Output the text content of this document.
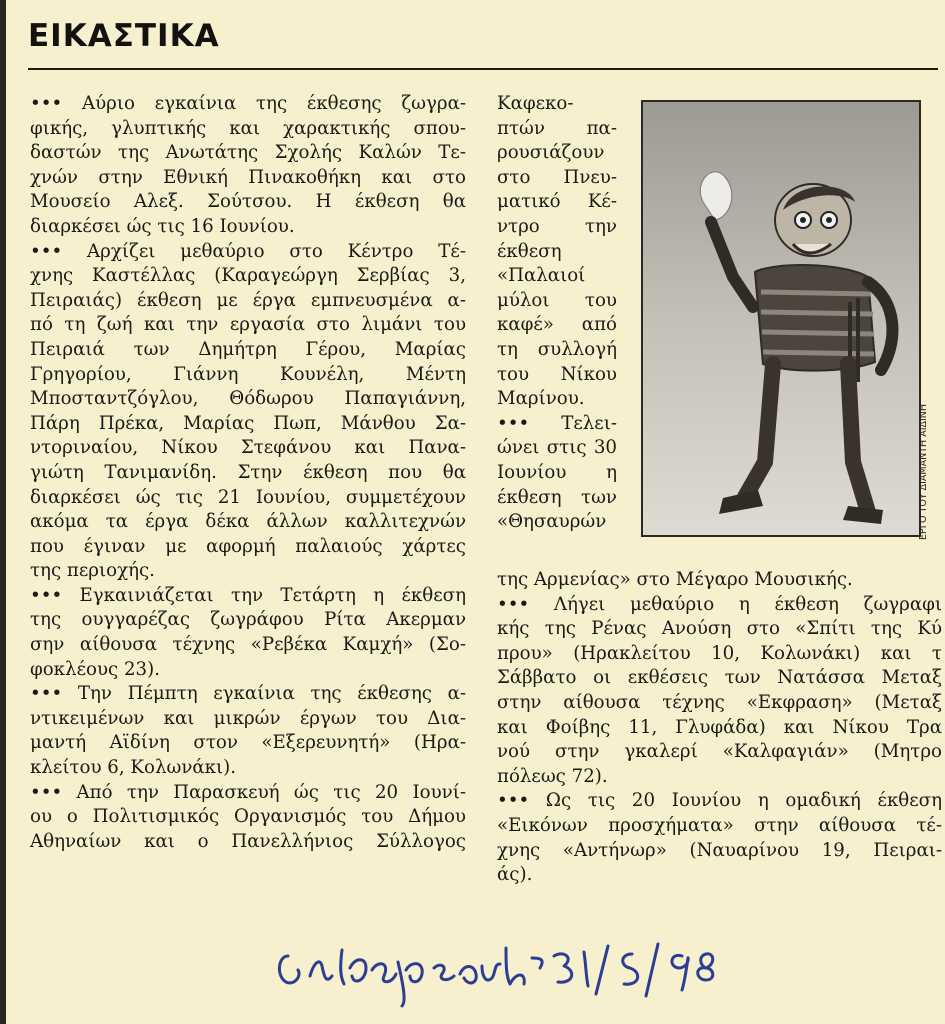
ΕΙΚΑΣΤΙΚΑ

••• Αύριο εγκαίνια της έκθεσης ζωγρα-
φικής, γλυπτικής και χαρακτικής σπου-
δαστών της Ανωτάτης Σχολής Καλών Τε-
χνών στην Εθνική Πινακοθήκη και στο
Μουσείο Αλεξ. Σούτσου. Η έκθεση θα
διαρκέσει ώς τις 16 Ιουνίου.

••• Αρχίζει μεθαύριο στο Κέντρο Τέ-
χνης Καστέλλας (Καραγεώργη Σερβίας 3,
Πειραιάς) έκθεση με έργα εμπνευσμένα α-
πό τη ζωή και την εργασία στο λιμάνι του
Πειραιά των Δημήτρη Γέρου, Μαρίας
Γρηγορίου, Γιάννη Κουνέλη, Μέντη
Μποσταντζόγλου, Θόδωρου Παπαγιάννη,
Πάρη Πρέκα, Μαρίας Πωπ, Μάνθου Σα-
ντοριναίου, Νίκου Στεφάνου και Πανα-
γιώτη Τανιμανίδη. Στην έκθεση που θα
διαρκέσει ώς τις 21 Ιουνίου, συμμετέχουν
ακόμα τα έργα δέκα άλλων καλλιτεχνών
που έγιναν με αφορμή παλαιούς χάρτες
της περιοχής.

••• Εγκαινιάζεται την Τετάρτη η έκθεση
της ουγγαρέζας ζωγράφου Ρίτα Ακερμαν
σην αίθουσα τέχνης «Ρεβέκα Καμχή» (Σο-
φοκλέους 23).

••• Την Πέμπτη εγκαίνια της έκθεσης α-
ντικειμένων και μικρών έργων του Δια-
μαντή Αϊδίνη στον «Εξερευνητή» (Ηρα-
κλείτου 6, Κολωνάκι).

••• Από την Παρασκευή ώς τις 20 Ιουνί-
ου ο Πολιτισμικός Οργανισμός του Δήμου
Αθηναίων και ο Πανελλήνιος Σύλλογος

Καφεκο-
πτών πα-
ρουσιάζουν
στο Πνευ-
ματικό Κέ-
ντρο την
έκθεση
«Παλαιοί
μύλοι του
καφέ» από
τη συλλογή
του Νίκου
Μαρίνου.

••• Τελει-
ώνει στις 30
Ιουνίου η
έκθεση των
«Θησαυρών	ΕΡΓΟ ΤΟΥ ΔΙΑΜΑΝΤΗ ΑΙΔΙΝΗ

της Αρμενίας» στο Μέγαρο Μουσικής.

••• Λήγει μεθαύριο η έκθεση ζωγραφι
κής της Ρένας Ανούση στο «Σπίτι της Κύ
πρου» (Ηρακλείτου 10, Κολωνάκι) και τ
Σάββατο οι εκθέσεις των Νατάσσα Μεταξ
στην αίθουσα τέχνης «Εκφραση» (Μεταξ
και Φοίβης 11, Γλυφάδα) και Νίκου Τρα
νού στην γκαλερί «Καλφαγιάν» (Μητρο
πόλεως 72).

••• Ως τις 20 Ιουνίου η ομαδική έκθεση
«Εικόνων προσχήματα» στην αίθουσα τέ-
χνης «Αντήνωρ» (Ναυαρίνου 19, Πειραι-
άς).
